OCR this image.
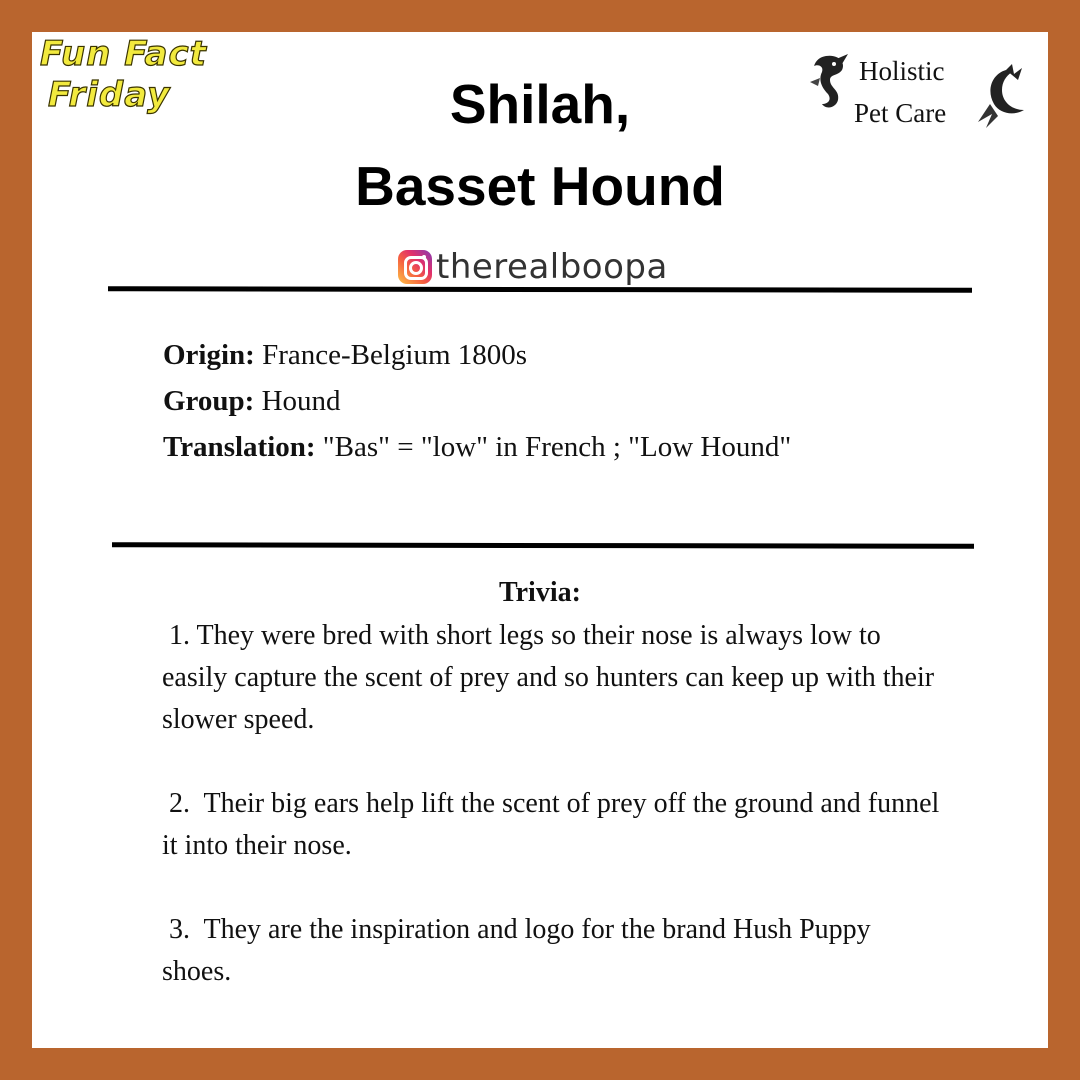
Fun Fact
Friday
Holistic
Pet Care
Shilah,
Basset Hound
therealboopa
Origin: France-Belgium 1800s
Group: Hound
Translation: "Bas" = "low" in French ; "Low Hound"
Trivia:
1. They were bred with short legs so their nose is always low to easily capture the scent of prey and so hunters can keep up with their slower speed.
2.  Their big ears help lift the scent of prey off the ground and funnel it into their nose.
3.  They are the inspiration and logo for the brand Hush Puppy shoes.
